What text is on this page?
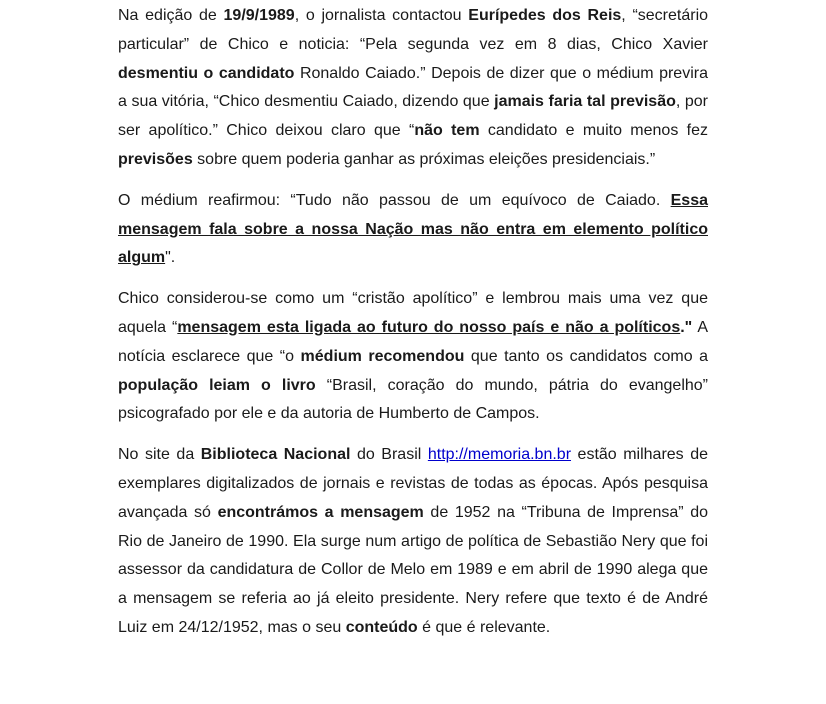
Na edição de 19/9/1989, o jornalista contactou Eurípedes dos Reis, “secretário particular” de Chico e noticia: “Pela segunda vez em 8 dias, Chico Xavier desmentiu o candidato Ronaldo Caiado.” Depois de dizer que o médium previra a sua vitória, “Chico desmentiu Caiado, dizendo que jamais faria tal previsão, por ser apolítico.” Chico deixou claro que “não tem candidato e muito menos fez previsões sobre quem poderia ganhar as próximas eleições presidenciais.”

O médium reafirmou: “Tudo não passou de um equívoco de Caiado. Essa mensagem fala sobre a nossa Nação mas não entra em elemento político algum".

Chico considerou-se como um “cristão apolítico” e lembrou mais uma vez que aquela “mensagem esta ligada ao futuro do nosso país e não a políticos." A notícia esclarece que “o médium recomendou que tanto os candidatos como a população leiam o livro “Brasil, coração do mundo, pátria do evangelho” psicografado por ele e da autoria de Humberto de Campos.

No site da Biblioteca Nacional do Brasil http://memoria.bn.br estão milhares de exemplares digitalizados de jornais e revistas de todas as épocas. Após pesquisa avançada só encontrámos a mensagem de 1952 na “Tribuna de Imprensa” do Rio de Janeiro de 1990. Ela surge num artigo de política de Sebastião Nery que foi assessor da candidatura de Collor de Melo em 1989 e em abril de 1990 alega que a mensagem se referia ao já eleito presidente. Nery refere que texto é de André Luiz em 24/12/1952, mas o seu conteúdo é que é relevante.
